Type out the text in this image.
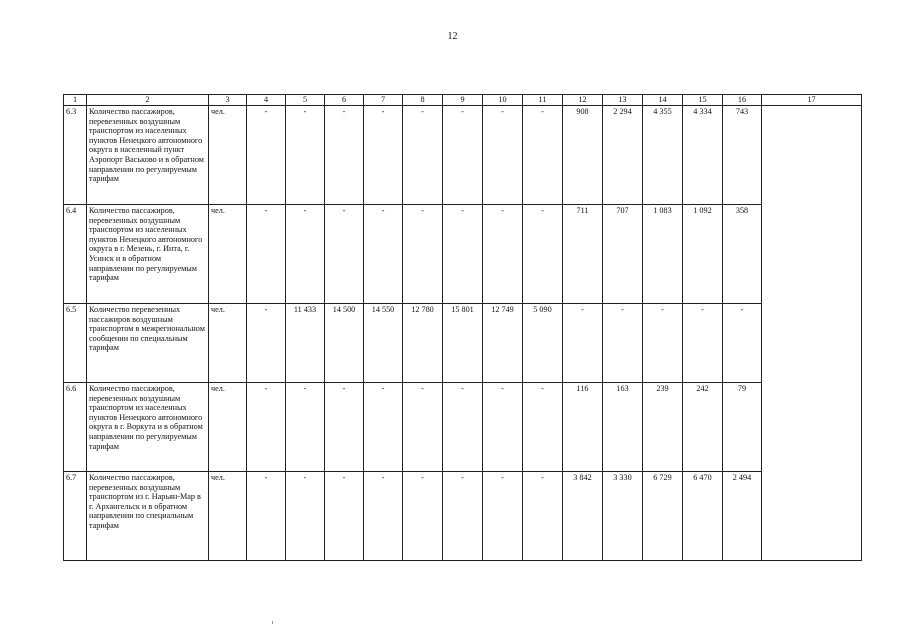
12
1	2	3	4	5	6	7	8	9	10	11	12	13	14	15	16	17
6.3	Количество пассажиров, перевезенных воздушным транспортом из населенных пунктов Ненецкого автономного округа в населенный пункт Аэропорт Васьково и в обратном направлении по регулируемым тарифам	чел.	-	-	-	-	-	-	-	-	908	2 294	4 355	4 334	743	
6.4	Количество пассажиров, перевезенных воздушным транспортом из населенных пунктов Ненецкого автономного округа в г. Мезень, г. Инта, г. Усинск и в обратном направлении по регулируемым тарифам	чел.	-	-	-	-	-	-	-	-	711	707	1 083	1 092	358	
6.5	Количество перевезенных пассажиров воздушным транспортом в межрегиональном сообщении по специальным тарифам	чел.	-	11 433	14 500	14 550	12 780	15 801	12 749	5 090	-	-	-	-	-	
6.6	Количество пассажиров, перевезенных воздушным транспортом из населенных пунктов Ненецкого автономного округа в г. Воркута и в обратном направлении по регулируемым тарифам	чел.	-	-	-	-	-	-	-	-	116	163	239	242	79	
6.7	Количество пассажиров, перевезенных воздушным транспортом из г. Нарьян-Мар в г. Архангельск и в обратном направлении по специальным тарифам	чел.	-	-	-	-	-	-	-	-	3 842	3 330	6 729	6 470	2 494	
